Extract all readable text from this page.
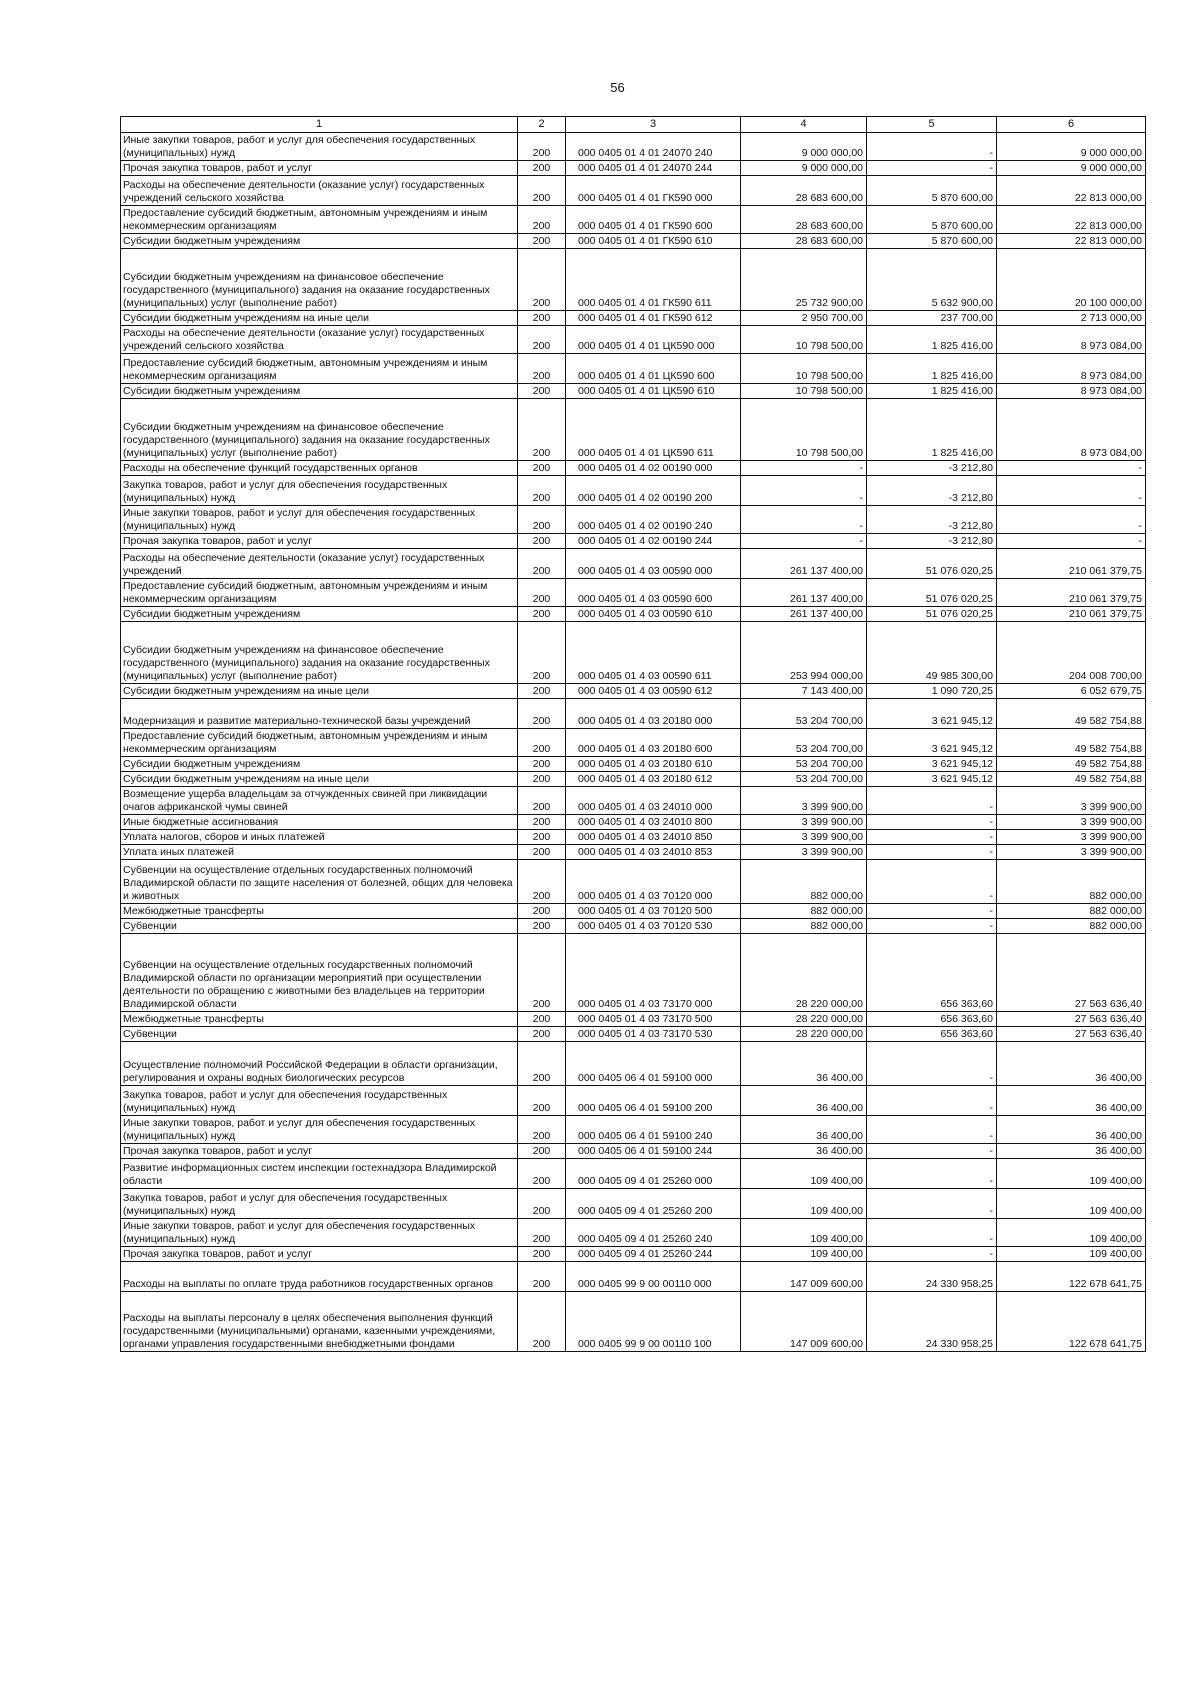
56
1	2	3	4	5	6
Иные закупки товаров, работ и услуг для обеспечения государственных (муниципальных) нужд	200	000 0405 01 4 01 24070 240	9 000 000,00	-	9 000 000,00
Прочая закупка товаров, работ и услуг	200	000 0405 01 4 01 24070 244	9 000 000,00	-	9 000 000,00
Расходы на обеспечение деятельности (оказание услуг) государственных учреждений сельского хозяйства	200	000 0405 01 4 01 ГК590 000	28 683 600,00	5 870 600,00	22 813 000,00
Предоставление субсидий бюджетным, автономным учреждениям и иным некоммерческим организациям	200	000 0405 01 4 01 ГК590 600	28 683 600,00	5 870 600,00	22 813 000,00
Субсидии бюджетным учреждениям	200	000 0405 01 4 01 ГК590 610	28 683 600,00	5 870 600,00	22 813 000,00
Субсидии бюджетным учреждениям на финансовое обеспечение государственного (муниципального) задания на оказание государственных (муниципальных) услуг (выполнение работ)	200	000 0405 01 4 01 ГК590 611	25 732 900,00	5 632 900,00	20 100 000,00
Субсидии бюджетным учреждениям на иные цели	200	000 0405 01 4 01 ГК590 612	2 950 700,00	237 700,00	2 713 000,00
Расходы на обеспечение деятельности (оказание услуг) государственных учреждений сельского хозяйства	200	000 0405 01 4 01 ЦК590 000	10 798 500,00	1 825 416,00	8 973 084,00
Предоставление субсидий бюджетным, автономным учреждениям и иным некоммерческим организациям	200	000 0405 01 4 01 ЦК590 600	10 798 500,00	1 825 416,00	8 973 084,00
Субсидии бюджетным учреждениям	200	000 0405 01 4 01 ЦК590 610	10 798 500,00	1 825 416,00	8 973 084,00
Субсидии бюджетным учреждениям на финансовое обеспечение государственного (муниципального) задания на оказание государственных (муниципальных) услуг (выполнение работ)	200	000 0405 01 4 01 ЦК590 611	10 798 500,00	1 825 416,00	8 973 084,00
Расходы на обеспечение функций государственных органов	200	000 0405 01 4 02 00190 000	-	-3 212,80	-
Закупка товаров, работ и услуг для обеспечения государственных (муниципальных) нужд	200	000 0405 01 4 02 00190 200	-	-3 212,80	-
Иные закупки товаров, работ и услуг для обеспечения государственных (муниципальных) нужд	200	000 0405 01 4 02 00190 240	-	-3 212,80	-
Прочая закупка товаров, работ и услуг	200	000 0405 01 4 02 00190 244	-	-3 212,80	-
Расходы на обеспечение деятельности (оказание услуг) государственных учреждений	200	000 0405 01 4 03 00590 000	261 137 400,00	51 076 020,25	210 061 379,75
Предоставление субсидий бюджетным, автономным учреждениям и иным некоммерческим организациям	200	000 0405 01 4 03 00590 600	261 137 400,00	51 076 020,25	210 061 379,75
Субсидии бюджетным учреждениям	200	000 0405 01 4 03 00590 610	261 137 400,00	51 076 020,25	210 061 379,75
Субсидии бюджетным учреждениям на финансовое обеспечение государственного (муниципального) задания на оказание государственных (муниципальных) услуг (выполнение работ)	200	000 0405 01 4 03 00590 611	253 994 000,00	49 985 300,00	204 008 700,00
Субсидии бюджетным учреждениям на иные цели	200	000 0405 01 4 03 00590 612	7 143 400,00	1 090 720,25	6 052 679,75
Модернизация и развитие материально-технической базы учреждений	200	000 0405 01 4 03 20180 000	53 204 700,00	3 621 945,12	49 582 754,88
Предоставление субсидий бюджетным, автономным учреждениям и иным некоммерческим организациям	200	000 0405 01 4 03 20180 600	53 204 700,00	3 621 945,12	49 582 754,88
Субсидии бюджетным учреждениям	200	000 0405 01 4 03 20180 610	53 204 700,00	3 621 945,12	49 582 754,88
Субсидии бюджетным учреждениям на иные цели	200	000 0405 01 4 03 20180 612	53 204 700,00	3 621 945,12	49 582 754,88
Возмещение ущерба владельцам за отчужденных свиней при ликвидации очагов африканской чумы свиней	200	000 0405 01 4 03 24010 000	3 399 900,00	-	3 399 900,00
Иные бюджетные ассигнования	200	000 0405 01 4 03 24010 800	3 399 900,00	-	3 399 900,00
Уплата налогов, сборов и иных платежей	200	000 0405 01 4 03 24010 850	3 399 900,00	-	3 399 900,00
Уплата иных платежей	200	000 0405 01 4 03 24010 853	3 399 900,00	-	3 399 900,00
Субвенции на осуществление отдельных государственных полномочий Владимирской области по защите населения от болезней, общих для человека и животных	200	000 0405 01 4 03 70120 000	882 000,00	-	882 000,00
Межбюджетные трансферты	200	000 0405 01 4 03 70120 500	882 000,00	-	882 000,00
Субвенции	200	000 0405 01 4 03 70120 530	882 000,00	-	882 000,00
Субвенции на осуществление отдельных государственных полномочий Владимирской области по организации мероприятий при осуществлении деятельности по обращению с животными без владельцев на территории Владимирской области	200	000 0405 01 4 03 73170 000	28 220 000,00	656 363,60	27 563 636,40
Межбюджетные трансферты	200	000 0405 01 4 03 73170 500	28 220 000,00	656 363,60	27 563 636,40
Субвенции	200	000 0405 01 4 03 73170 530	28 220 000,00	656 363,60	27 563 636,40
Осуществление полномочий Российской Федерации в области организации, регулирования и охраны водных биологических ресурсов	200	000 0405 06 4 01 59100 000	36 400,00	-	36 400,00
Закупка товаров, работ и услуг для обеспечения государственных (муниципальных) нужд	200	000 0405 06 4 01 59100 200	36 400,00	-	36 400,00
Иные закупки товаров, работ и услуг для обеспечения государственных (муниципальных) нужд	200	000 0405 06 4 01 59100 240	36 400,00	-	36 400,00
Прочая закупка товаров, работ и услуг	200	000 0405 06 4 01 59100 244	36 400,00	-	36 400,00
Развитие информационных систем инспекции гостехнадзора Владимирской области	200	000 0405 09 4 01 25260 000	109 400,00	-	109 400,00
Закупка товаров, работ и услуг для обеспечения государственных (муниципальных) нужд	200	000 0405 09 4 01 25260 200	109 400,00	-	109 400,00
Иные закупки товаров, работ и услуг для обеспечения государственных (муниципальных) нужд	200	000 0405 09 4 01 25260 240	109 400,00	-	109 400,00
Прочая закупка товаров, работ и услуг	200	000 0405 09 4 01 25260 244	109 400,00	-	109 400,00
Расходы на выплаты по оплате труда работников государственных органов	200	000 0405 99 9 00 00110 000	147 009 600,00	24 330 958,25	122 678 641,75
Расходы на выплаты персоналу в целях обеспечения выполнения функций государственными (муниципальными) органами, казенными учреждениями, органами управления государственными внебюджетными фондами	200	000 0405 99 9 00 00110 100	147 009 600,00	24 330 958,25	122 678 641,75
